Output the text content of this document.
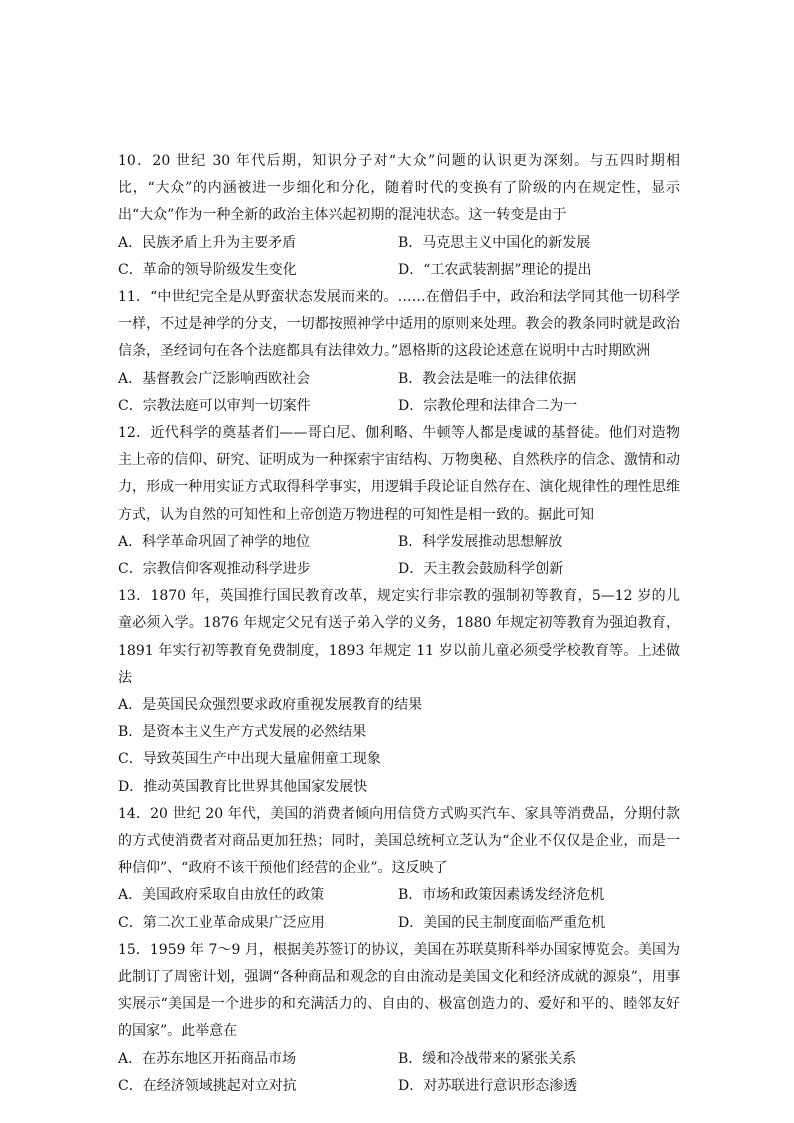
10．20 世纪 30 年代后期，知识分子对“大众”问题的认识更为深刻。与五四时期相比，“大众”的内涵被进一步细化和分化，随着时代的变换有了阶级的内在规定性，显示出“大众”作为一种全新的政治主体兴起初期的混沌状态。这一转变是由于

A．民族矛盾上升为主要矛盾	B．马克思主义中国化的新发展
C．革命的领导阶级发生变化	D．“工农武装割据”理论的提出

11．“中世纪完全是从野蛮状态发展而来的。……在僧侣手中，政治和法学同其他一切科学一样，不过是神学的分支，一切都按照神学中适用的原则来处理。教会的教条同时就是政治信条，圣经词句在各个法庭都具有法律效力。”恩格斯的这段论述意在说明中古时期欧洲

A．基督教会广泛影响西欧社会	B．教会法是唯一的法律依据
C．宗教法庭可以审判一切案件	D．宗教伦理和法律合二为一

12．近代科学的奠基者们——哥白尼、伽利略、牛顿等人都是虔诚的基督徒。他们对造物主上帝的信仰、研究、证明成为一种探索宇宙结构、万物奥秘、自然秩序的信念、激情和动力，形成一种用实证方式取得科学事实，用逻辑手段论证自然存在、演化规律性的理性思维方式，认为自然的可知性和上帝创造万物进程的可知性是相一致的。据此可知

A．科学革命巩固了神学的地位	B．科学发展推动思想解放
C．宗教信仰客观推动科学进步	D．天主教会鼓励科学创新

13．1870 年，英国推行国民教育改革，规定实行非宗教的强制初等教育，5—12 岁的儿童必须入学。1876 年规定父兄有送子弟入学的义务，1880 年规定初等教育为强迫教育，1891 年实行初等教育免费制度，1893 年规定 11 岁以前儿童必须受学校教育等。上述做法

A．是英国民众强烈要求政府重视发展教育的结果
B．是资本主义生产方式发展的必然结果
C．导致英国生产中出现大量雇佣童工现象
D．推动英国教育比世界其他国家发展快

14．20 世纪 20 年代，美国的消费者倾向用信贷方式购买汽车、家具等消费品，分期付款的方式使消费者对商品更加狂热；同时，美国总统柯立芝认为“企业不仅仅是企业，而是一种信仰”、“政府不该干预他们经营的企业”。这反映了

A．美国政府采取自由放任的政策	B．市场和政策因素诱发经济危机
C．第二次工业革命成果广泛应用	D．美国的民主制度面临严重危机

15．1959 年 7～9 月，根据美苏签订的协议，美国在苏联莫斯科举办国家博览会。美国为此制订了周密计划，强调“各种商品和观念的自由流动是美国文化和经济成就的源泉”，用事实展示“美国是一个进步的和充满活力的、自由的、极富创造力的、爱好和平的、睦邻友好的国家”。此举意在

A．在苏东地区开拓商品市场	B．缓和冷战带来的紧张关系
C．在经济领域挑起对立对抗	D．对苏联进行意识形态渗透
